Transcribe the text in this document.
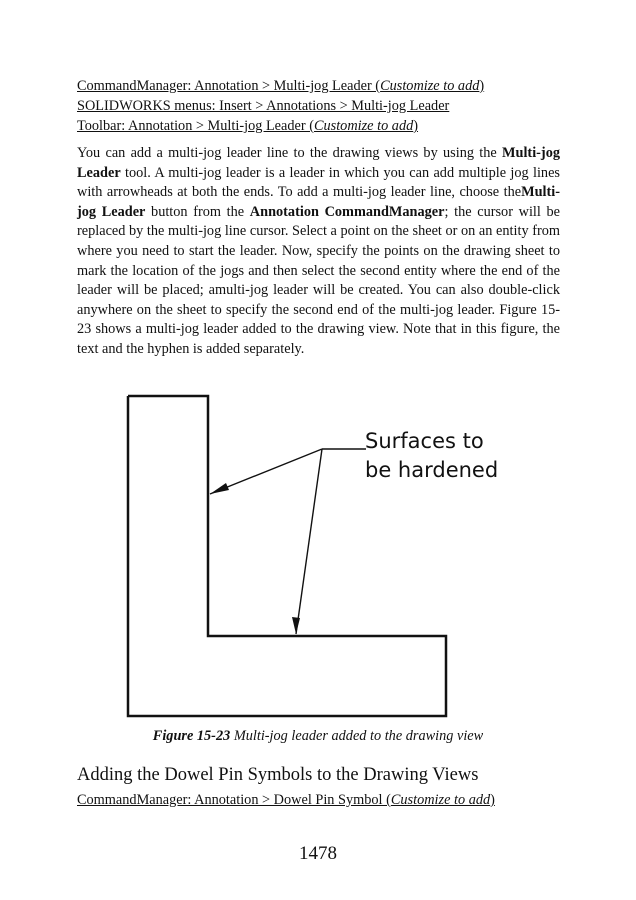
CommandManager: Annotation > Multi-jog Leader (Customize to add)
SOLIDWORKS menus: Insert > Annotations > Multi-jog Leader
Toolbar: Annotation > Multi-jog Leader (Customize to add)

You can add a multi-jog leader line to the drawing views by using the Multi-jog Leader tool. A multi-jog leader is a leader in which you can add multiple jog lines with arrowheads at both the ends. To add a multi-jog leader line, choose theMulti-jog Leader button from the Annotation CommandManager; the cursor will be replaced by the multi-jog line cursor. Select a point on the sheet or on an entity from where you need to start the leader. Now, specify the points on the drawing sheet to mark the location of the jogs and then select the second entity where the end of the leader will be placed; amulti-jog leader will be created. You can also double-click anywhere on the sheet to specify the second end of the multi-jog leader. Figure 15-23 shows a multi-jog leader added to the drawing view. Note that in this figure, the text and the hyphen is added separately.

Surfaces to
be hardened
Figure 15-23 Multi-jog leader added to the drawing view
Adding the Dowel Pin Symbols to the Drawing Views
CommandManager: Annotation > Dowel Pin Symbol (Customize to add)
1478
